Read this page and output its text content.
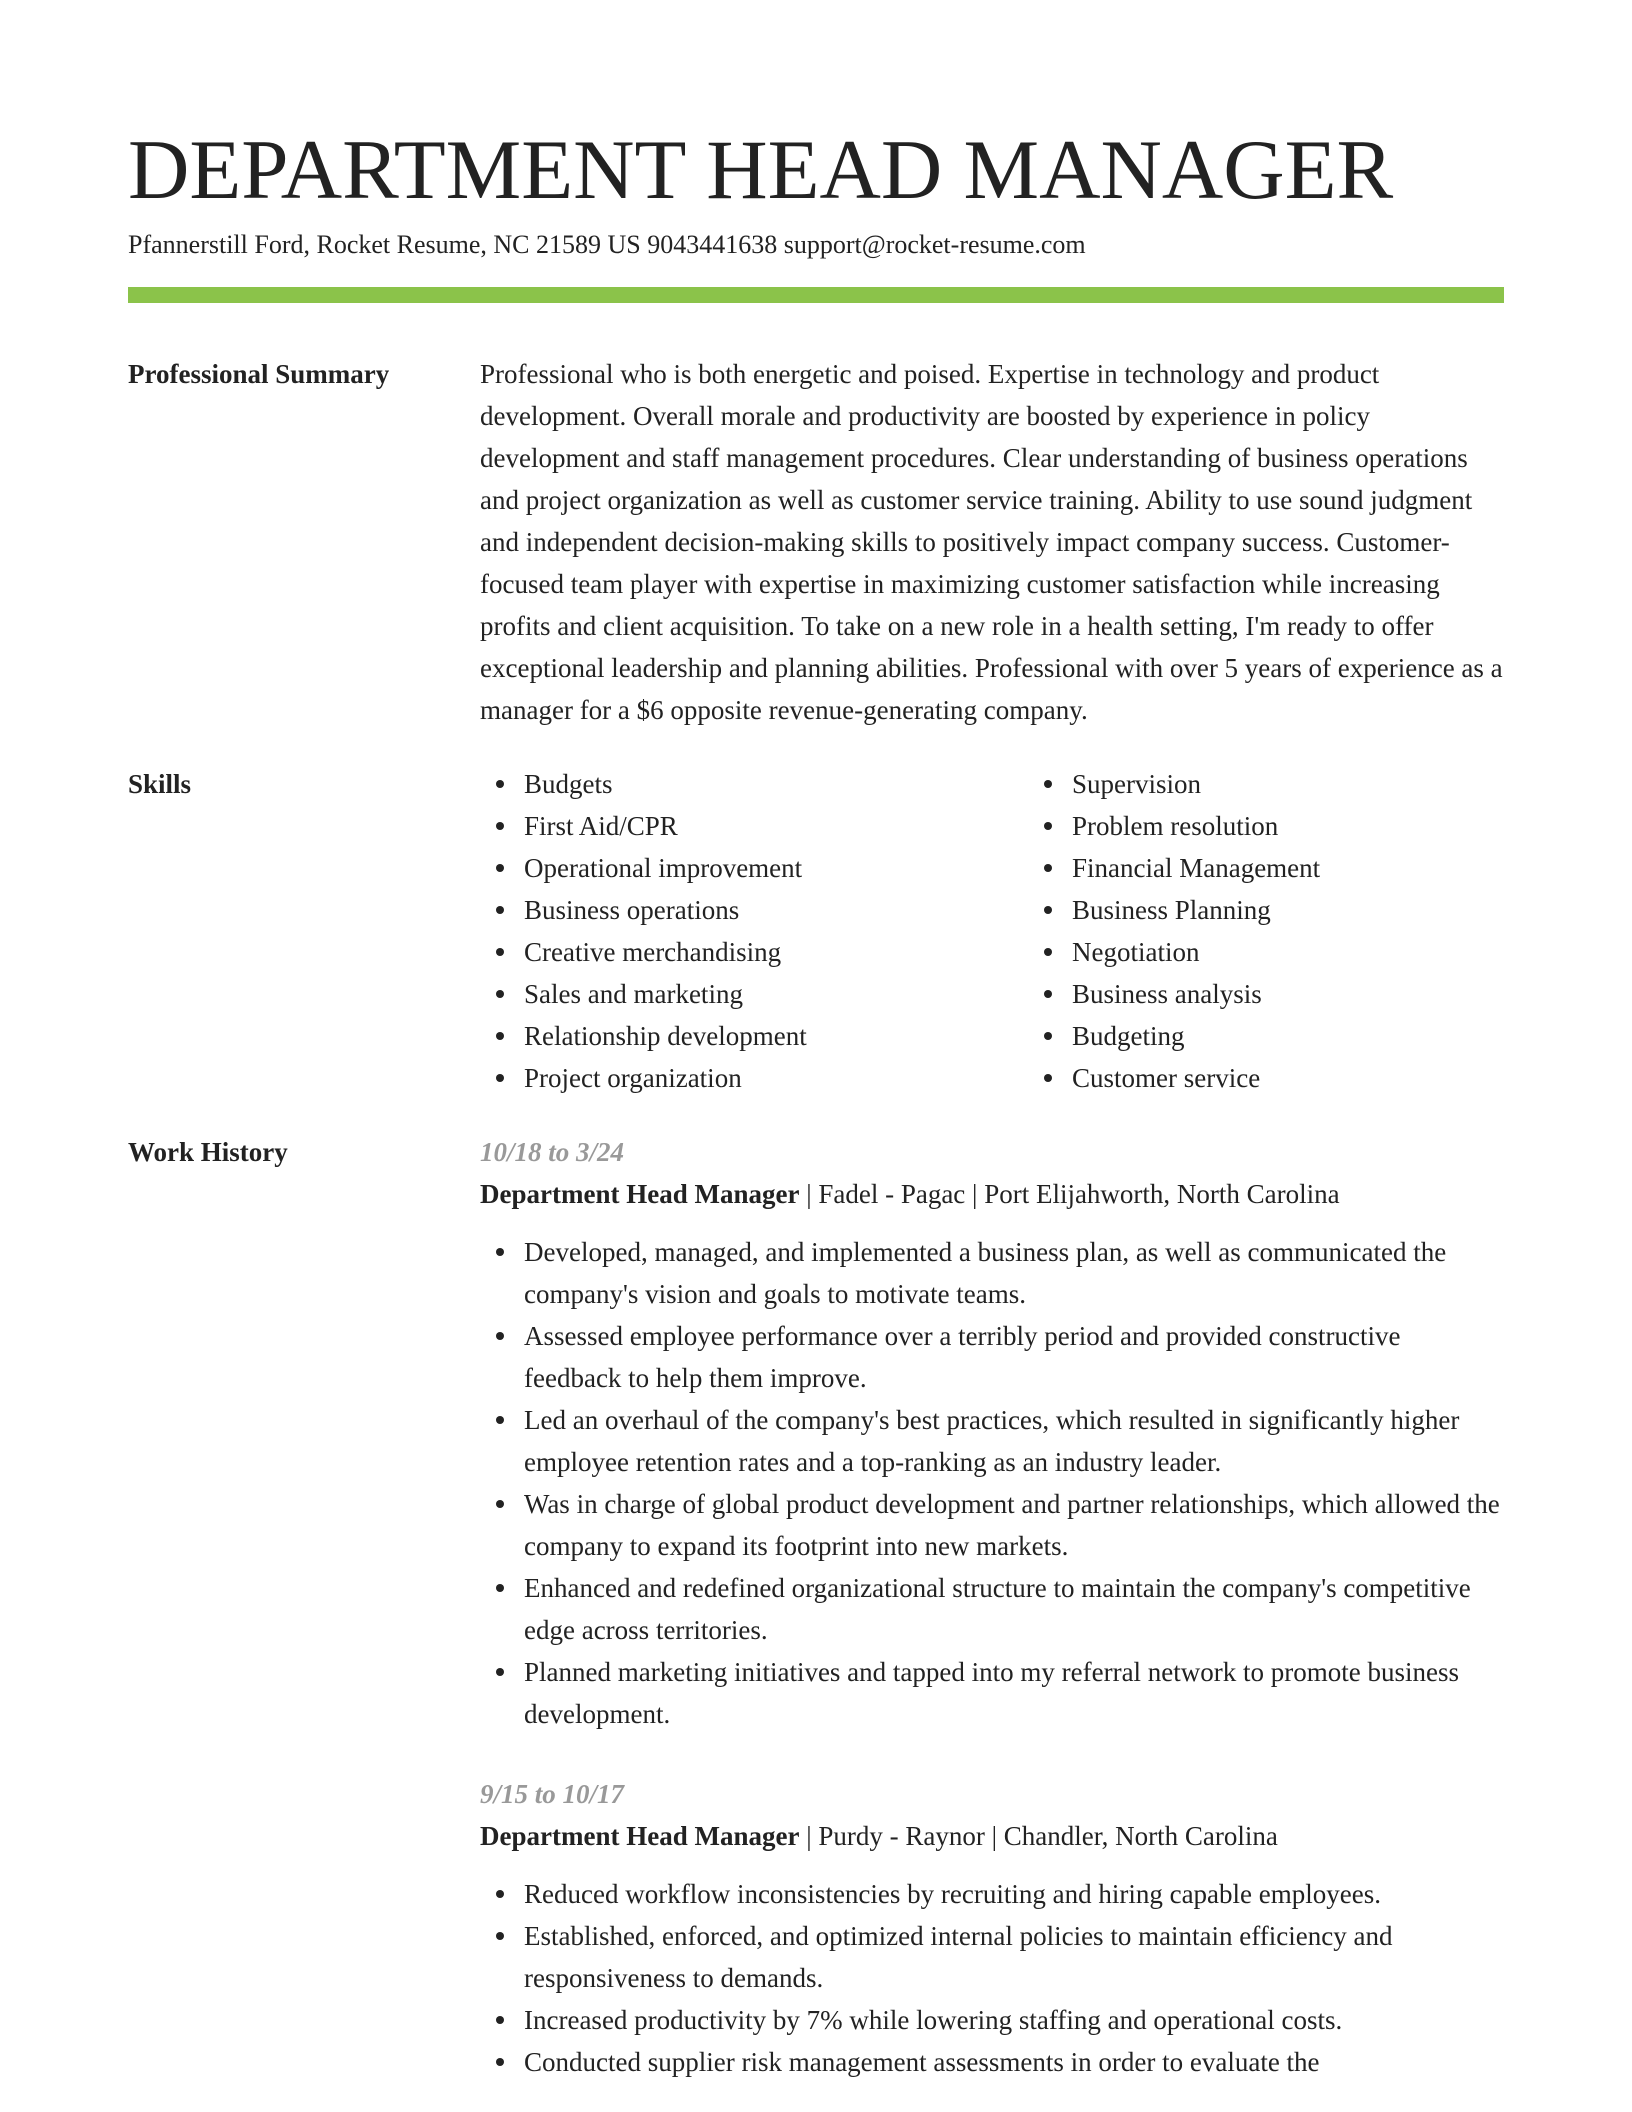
DEPARTMENT HEAD MANAGER
Pfannerstill Ford, Rocket Resume, NC 21589 US 9043441638 support@rocket-resume.com
Professional Summary	Professional who is both energetic and poised. Expertise in technology and product development. Overall morale and productivity are boosted by experience in policy development and staff management procedures. Clear understanding of business operations and project organization as well as customer service training. Ability to use sound judgment and independent decision-making skills to positively impact company success. Customer-focused team player with expertise in maximizing customer satisfaction while increasing profits and client acquisition. To take on a new role in a health setting, I'm ready to offer exceptional leadership and planning abilities. Professional with over 5 years of experience as a manager for a $6 opposite revenue-generating company.

Skills	Budgets
First Aid/CPR
Operational improvement
Business operations
Creative merchandising
Sales and marketing
Relationship development
Project organization
Supervision
Problem resolution
Financial Management
Business Planning
Negotiation
Business analysis
Budgeting
Customer service
Work History	10/18 to 3/24
Department Head Manager | Fadel - Pagac | Port Elijahworth, North Carolina
Developed, managed, and implemented a business plan, as well as communicated the company's vision and goals to motivate teams.
Assessed employee performance over a terribly period and provided constructive feedback to help them improve.
Led an overhaul of the company's best practices, which resulted in significantly higher employee retention rates and a top-ranking as an industry leader.
Was in charge of global product development and partner relationships, which allowed the company to expand its footprint into new markets.
Enhanced and redefined organizational structure to maintain the company's competitive edge across territories.
Planned marketing initiatives and tapped into my referral network to promote business development.
9/15 to 10/17
Department Head Manager | Purdy - Raynor | Chandler, North Carolina
Reduced workflow inconsistencies by recruiting and hiring capable employees.
Established, enforced, and optimized internal policies to maintain efficiency and responsiveness to demands.
Increased productivity by 7% while lowering staffing and operational costs.
Conducted supplier risk management assessments in order to evaluate the
